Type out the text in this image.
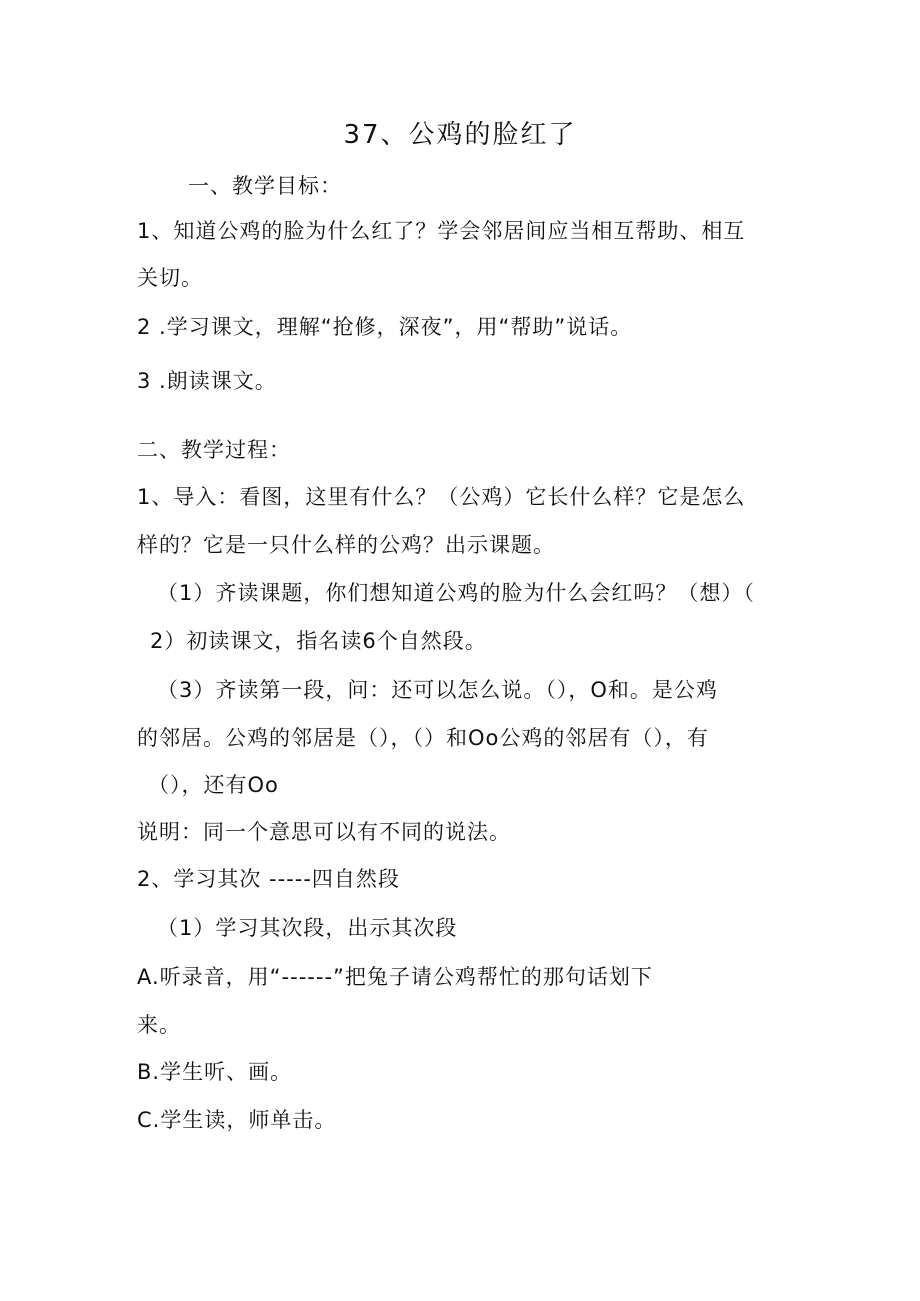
37、公鸡的脸红了
一、教学目标：
1、知道公鸡的脸为什么红了？学会邻居间应当相互帮助、相互
关切。
2 .学习课文，理解“抢修，深夜”，用“帮助”说话。
3 .朗读课文。
二、教学过程：
1、导入：看图，这里有什么？（公鸡）它长什么样？它是怎么
样的？它是一只什么样的公鸡？出示课题。
（1）齐读课题，你们想知道公鸡的脸为什么会红吗？（想）（
2）初读课文，指名读6个自然段。
（3）齐读第一段，问：还可以怎么说。（），O和。是公鸡
的邻居。公鸡的邻居是（），（）和Oo公鸡的邻居有（），有
（），还有Oo
说明：同一个意思可以有不同的说法。
2、学习其次 -----四自然段
（1）学习其次段，出示其次段
A.听录音，用“------”把兔子请公鸡帮忙的那句话划下
来。
B.学生听、画。
C.学生读，师单击。
